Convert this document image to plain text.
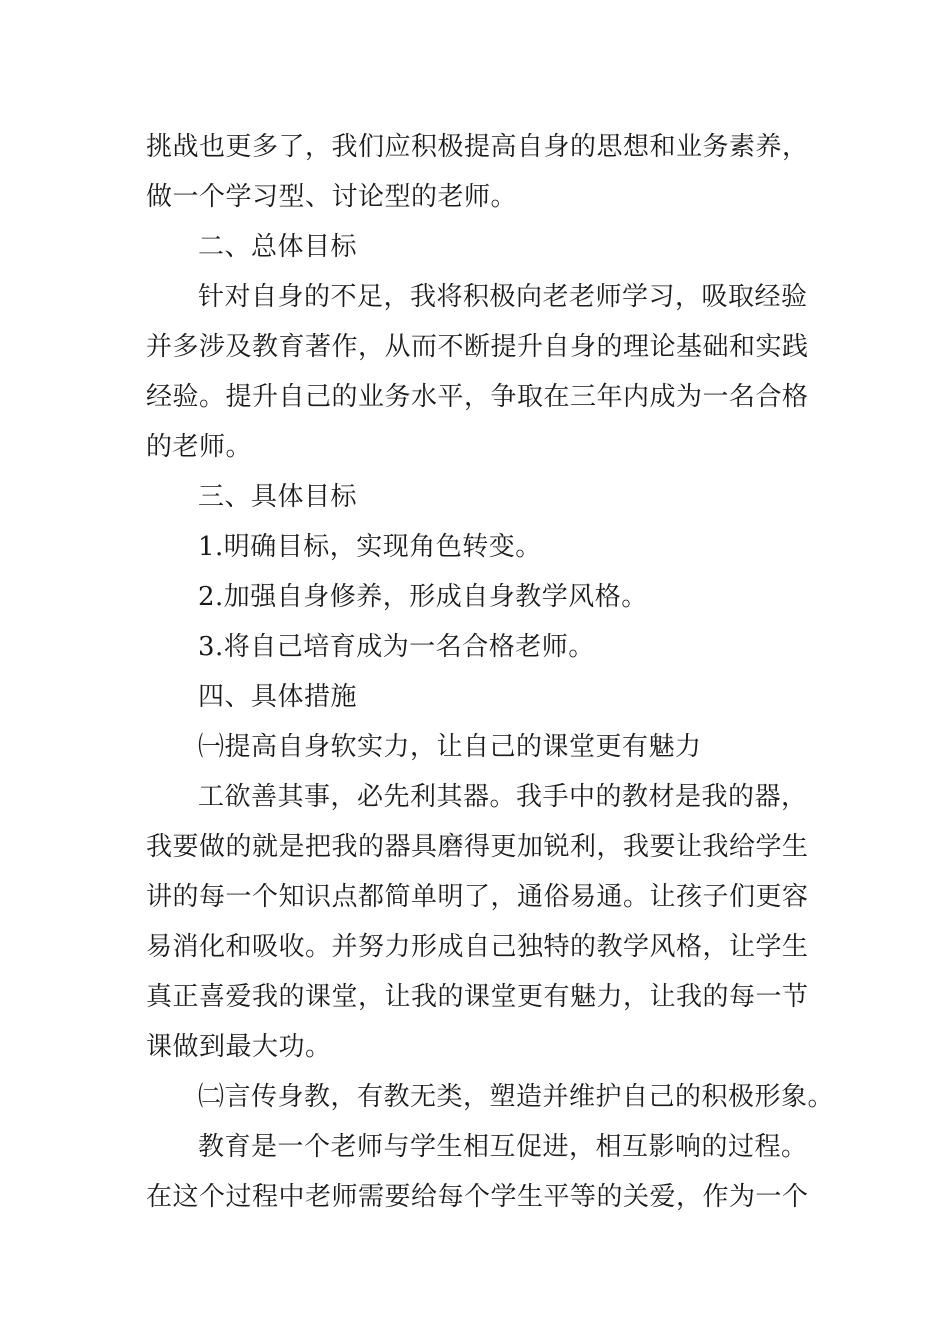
挑战也更多了，我们应积极提高自身的思想和业务素养，
做一个学习型、讨论型的老师。
二、总体目标
针对自身的不足，我将积极向老老师学习，吸取经验
并多涉及教育著作，从而不断提升自身的理论基础和实践
经验。提升自己的业务水平，争取在三年内成为一名合格
的老师。
三、具体目标
1.明确目标，实现角色转变。
2.加强自身修养，形成自身教学风格。
3.将自己培育成为一名合格老师。
四、具体措施
㈠提高自身软实力，让自己的课堂更有魅力
工欲善其事，必先利其器。我手中的教材是我的器，
我要做的就是把我的器具磨得更加锐利，我要让我给学生
讲的每一个知识点都简单明了，通俗易通。让孩子们更容
易消化和吸收。并努力形成自己独特的教学风格，让学生
真正喜爱我的课堂，让我的课堂更有魅力，让我的每一节
课做到最大功。
㈡言传身教，有教无类，塑造并维护自己的积极形象。
教育是一个老师与学生相互促进，相互影响的过程。
在这个过程中老师需要给每个学生平等的关爱，作为一个
